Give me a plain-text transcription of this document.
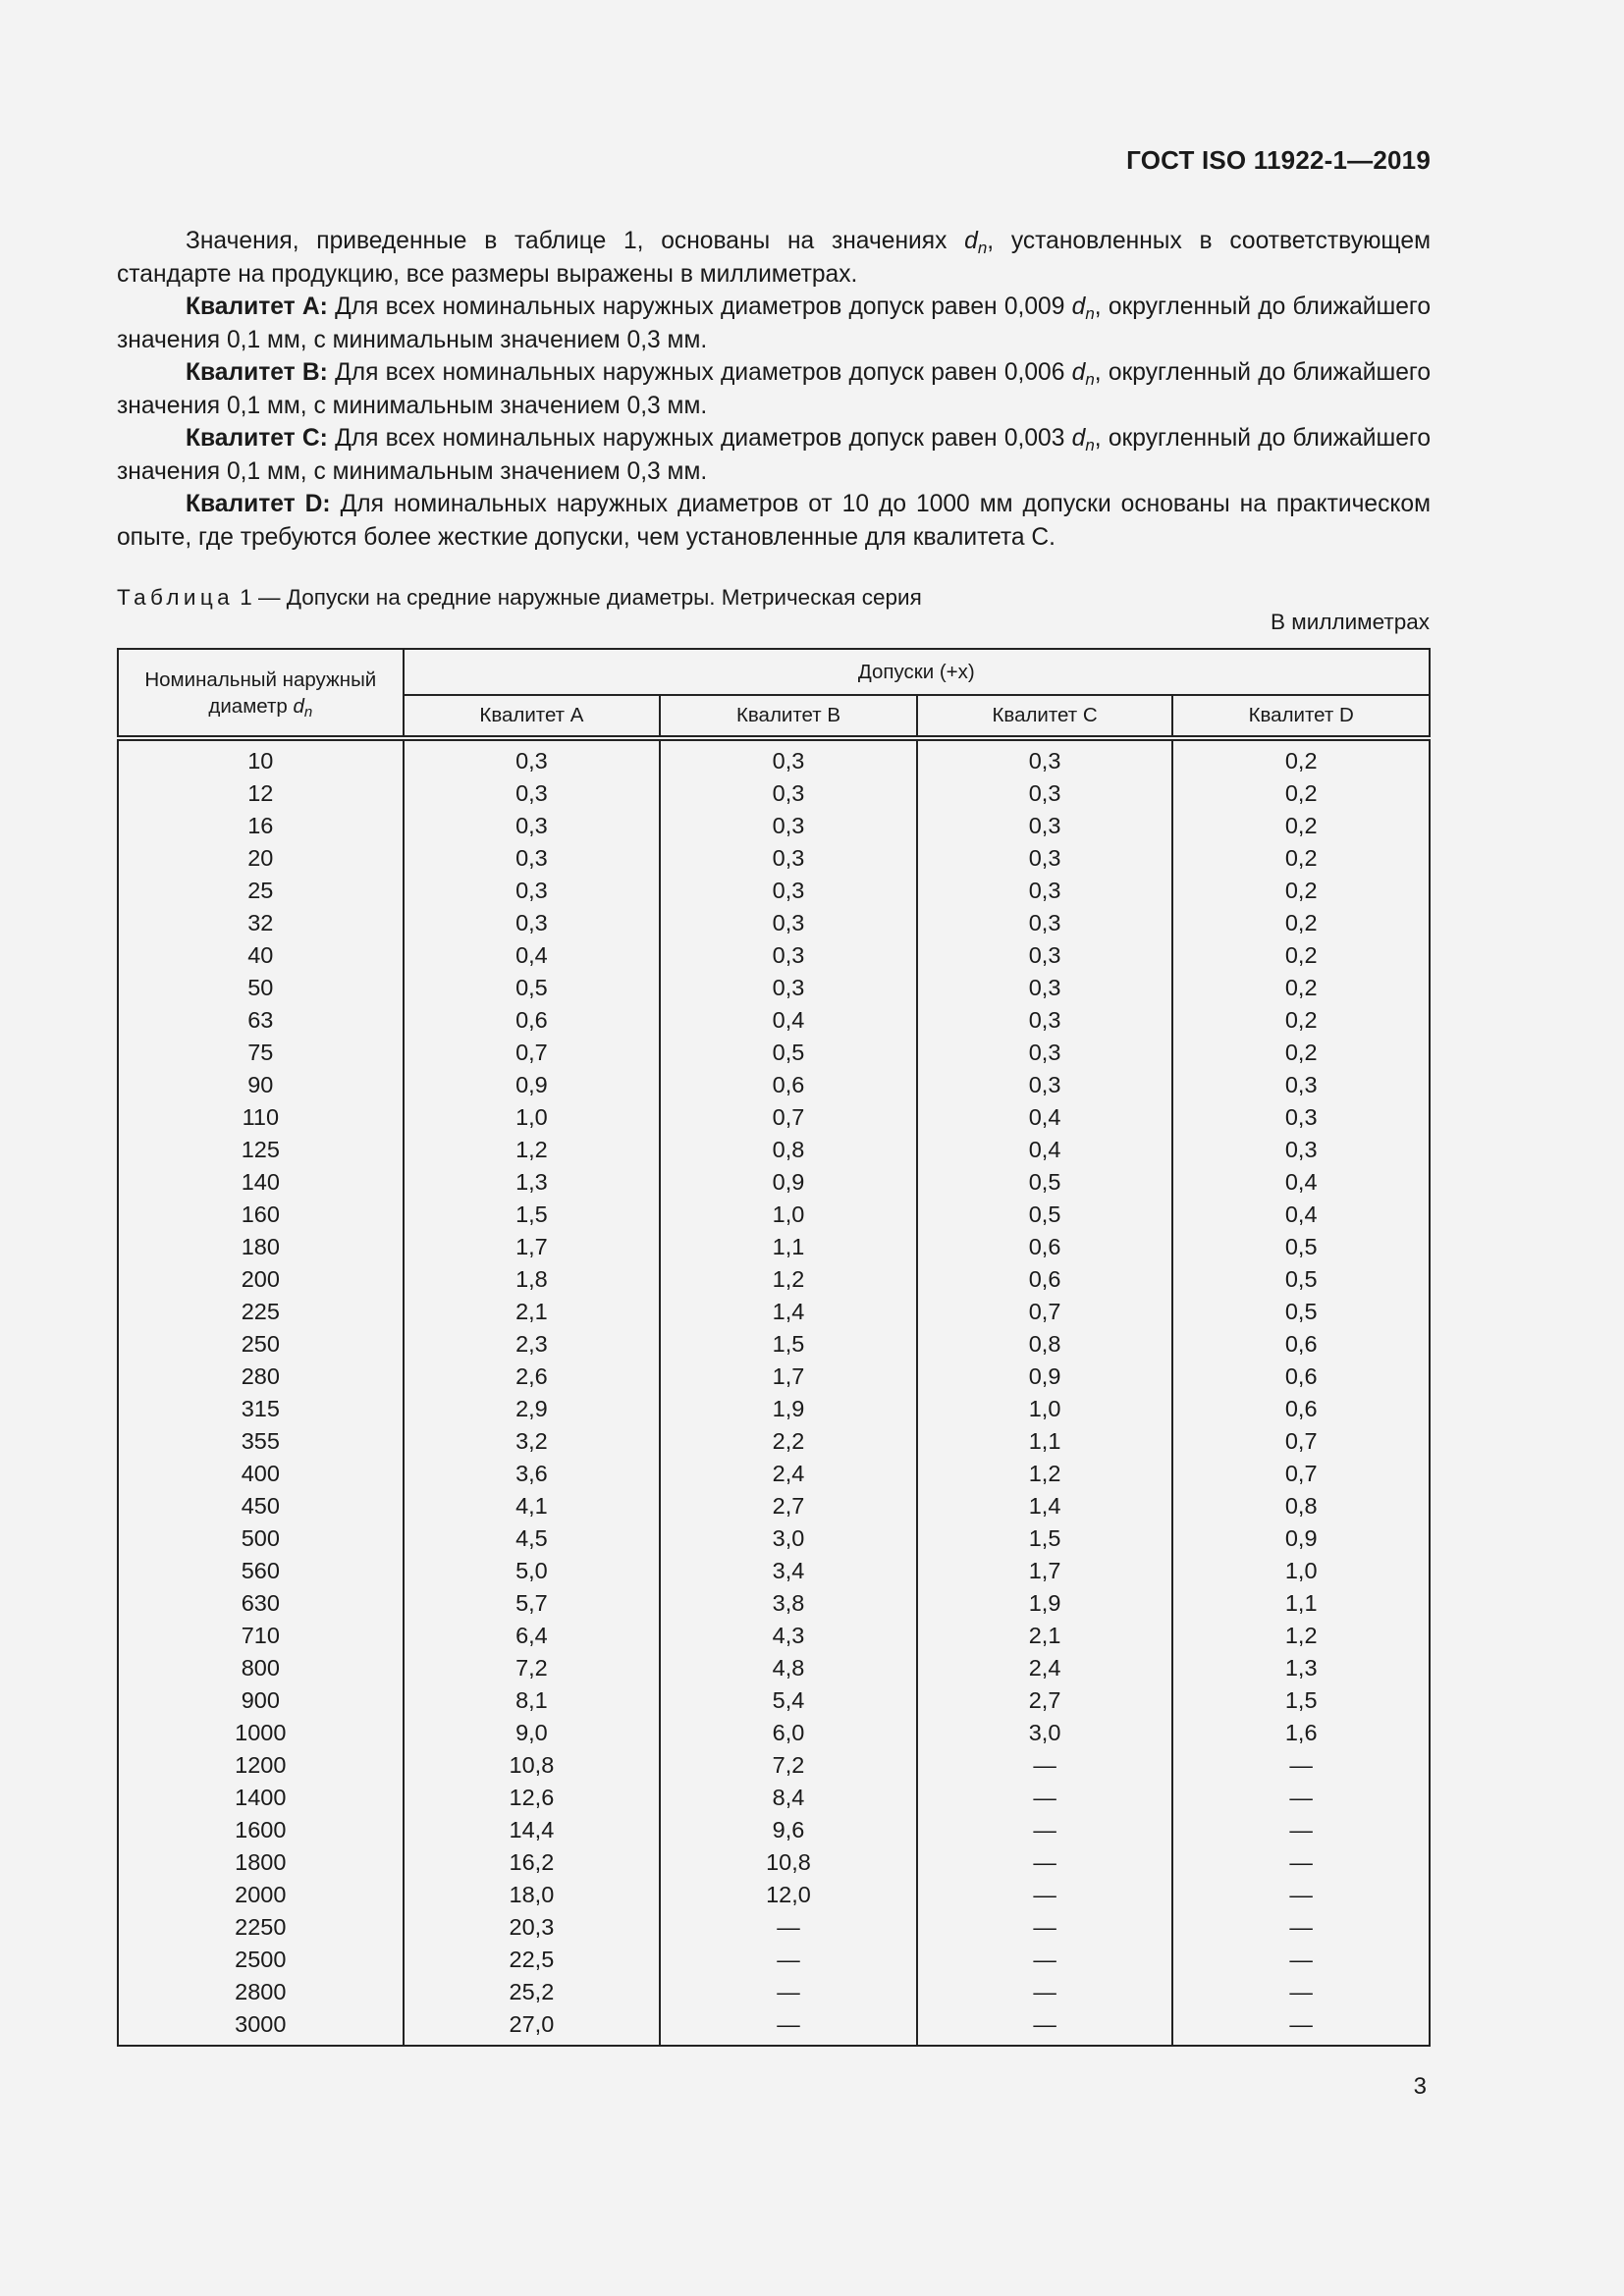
ГОСТ ISO 11922-1—2019

Значения, приведенные в таблице 1, основаны на значениях $d_n$, установленных в соответствующем стандарте на продукцию, все размеры выражены в миллиметрах.

Квалитет A: Для всех номинальных наружных диаметров допуск равен 0,009 $d_n$, округленный до ближайшего значения 0,1 мм, с минимальным значением 0,3 мм.

Квалитет B: Для всех номинальных наружных диаметров допуск равен 0,006 $d_n$, округленный до ближайшего значения 0,1 мм, с минимальным значением 0,3 мм.

Квалитет C: Для всех номинальных наружных диаметров допуск равен 0,003 $d_n$, округленный до ближайшего значения 0,1 мм, с минимальным значением 0,3 мм.

Квалитет D: Для номинальных наружных диаметров от 10 до 1000 мм допуски основаны на практическом опыте, где требуются более жесткие допуски, чем установленные для квалитета C.

Таблица 1 — Допуски на средние наружные диаметры. Метрическая серия
В миллиметрах
Номинальный наружный
диаметр $d_n$	Допуски (+x)			
	Квалитет A	Квалитет B	Квалитет C	Квалитет D
10	0,3	0,3	0,3	0,2
12	0,3	0,3	0,3	0,2
16	0,3	0,3	0,3	0,2
20	0,3	0,3	0,3	0,2
25	0,3	0,3	0,3	0,2
32	0,3	0,3	0,3	0,2
40	0,4	0,3	0,3	0,2
50	0,5	0,3	0,3	0,2
63	0,6	0,4	0,3	0,2
75	0,7	0,5	0,3	0,2
90	0,9	0,6	0,3	0,3
110	1,0	0,7	0,4	0,3
125	1,2	0,8	0,4	0,3
140	1,3	0,9	0,5	0,4
160	1,5	1,0	0,5	0,4
180	1,7	1,1	0,6	0,5
200	1,8	1,2	0,6	0,5
225	2,1	1,4	0,7	0,5
250	2,3	1,5	0,8	0,6
280	2,6	1,7	0,9	0,6
315	2,9	1,9	1,0	0,6
355	3,2	2,2	1,1	0,7
400	3,6	2,4	1,2	0,7
450	4,1	2,7	1,4	0,8
500	4,5	3,0	1,5	0,9
560	5,0	3,4	1,7	1,0
630	5,7	3,8	1,9	1,1
710	6,4	4,3	2,1	1,2
800	7,2	4,8	2,4	1,3
900	8,1	5,4	2,7	1,5
1000	9,0	6,0	3,0	1,6
1200	10,8	7,2	—	—
1400	12,6	8,4	—	—
1600	14,4	9,6	—	—
1800	16,2	10,8	—	—
2000	18,0	12,0	—	—
2250	20,3	—	—	—
2500	22,5	—	—	—
2800	25,2	—	—	—
3000	27,0	—	—	—
3
